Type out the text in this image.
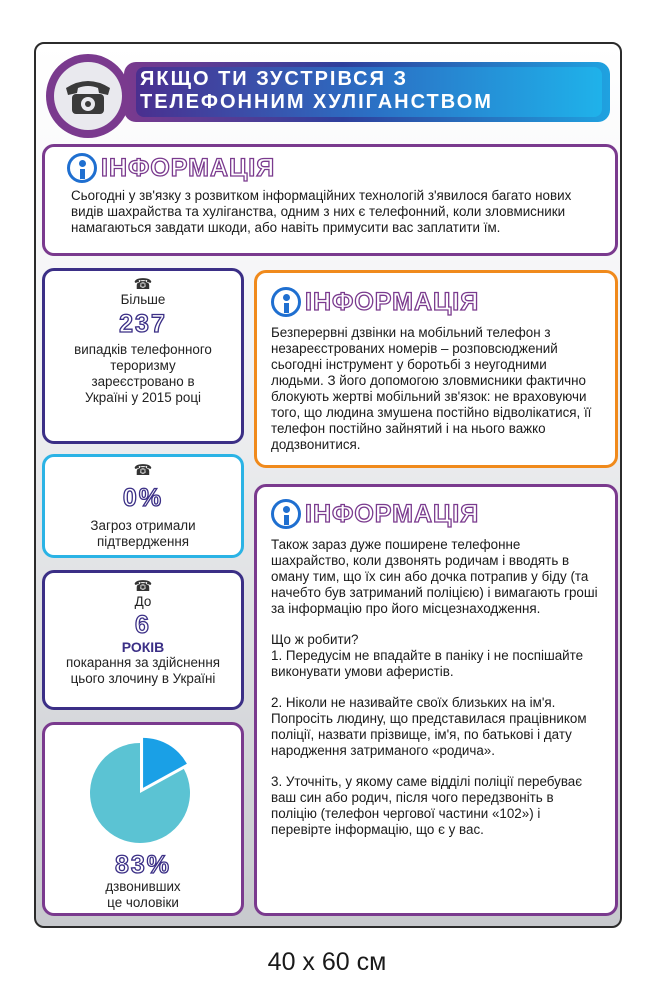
ЯКЩО ТИ ЗУСТРІВСЯ З
ТЕЛЕФОННИМ ХУЛІГАНСТВОМ
ІНФОРМАЦІЯ
Сьогодні у зв'язку з розвитком інформаційних технологій з'явилося багато нових видів шахрайства та хуліганства, одним з них є телефонний, коли зловмисники намагаються завдати шкоди, або навіть примусити вас заплатити їм.
☎
Більше
237
випадків телефонного тероризму зареєстровано в Україні у 2015 році
☎
0%
Загроз отримали підтвердження
☎
До
6
РОКІВ
покарання за здійснення цього злочину в Україні
83%
дзвонивших це чоловіки
ІНФОРМАЦІЯ
Безперервні дзвінки на мобільний телефон з незареєстрованих номерів – розповсюджений сьогодні інструмент у боротьбі з неугодними людьми. З його допомогою зловмисники фактично блокують жертві мобільний зв'язок: не враховуючи того, що людина змушена постійно відволікатися, її телефон постійно зайнятий і на нього важко додзвонитися.
ІНФОРМАЦІЯ

Також зараз дуже поширене телефонне шахрайство, коли дзвонять родичам і вводять в оману тим, що їх син або дочка потрапив у біду (та начебто був затриманий поліцією) і вимагають гроші за інформацію про його місцезнаходження.

Що ж робити?
1. Передусім не впадайте в паніку і не поспішайте виконувати умови аферистів.

2. Ніколи не називайте своїх близьких на ім'я. Попросіть людину, що представилася працівником поліції, назвати прізвище, ім'я, по батькові і дату народження затриманого «родича».

3. Уточніть, у якому саме відділі поліції перебуває ваш син або родич, після чого передзвоніть в поліцію (телефон чергової частини «102») і перевірте інформацію, що є у вас.

40 x 60 см
